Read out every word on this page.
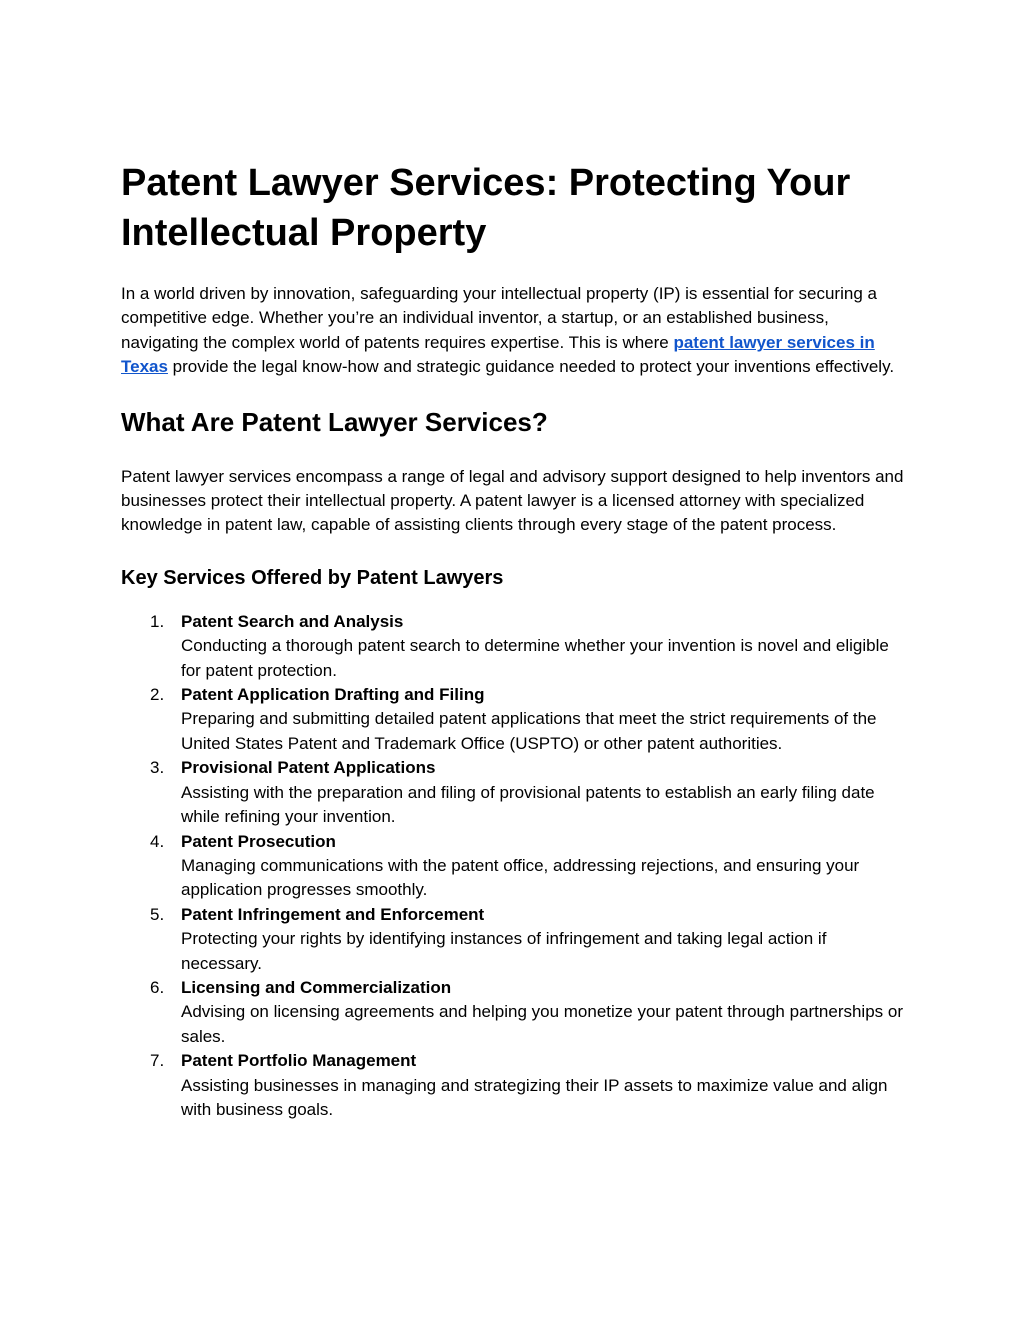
Patent Lawyer Services: Protecting Your Intellectual Property

In a world driven by innovation, safeguarding your intellectual property (IP) is essential for securing a competitive edge. Whether you’re an individual inventor, a startup, or an established business, navigating the complex world of patents requires expertise. This is where patent lawyer services in Texas provide the legal know-how and strategic guidance needed to protect your inventions effectively.

What Are Patent Lawyer Services?

Patent lawyer services encompass a range of legal and advisory support designed to help inventors and businesses protect their intellectual property. A patent lawyer is a licensed attorney with specialized knowledge in patent law, capable of assisting clients through every stage of the patent process.

Key Services Offered by Patent Lawyers
1. Patent Search and Analysis
Conducting a thorough patent search to determine whether your invention is novel and eligible for patent protection.
2. Patent Application Drafting and Filing
Preparing and submitting detailed patent applications that meet the strict requirements of the United States Patent and Trademark Office (USPTO) or other patent authorities.
3. Provisional Patent Applications
Assisting with the preparation and filing of provisional patents to establish an early filing date while refining your invention.
4. Patent Prosecution
Managing communications with the patent office, addressing rejections, and ensuring your application progresses smoothly.
5. Patent Infringement and Enforcement
Protecting your rights by identifying instances of infringement and taking legal action if necessary.
6. Licensing and Commercialization
Advising on licensing agreements and helping you monetize your patent through partnerships or sales.
7. Patent Portfolio Management
Assisting businesses in managing and strategizing their IP assets to maximize value and align with business goals.
